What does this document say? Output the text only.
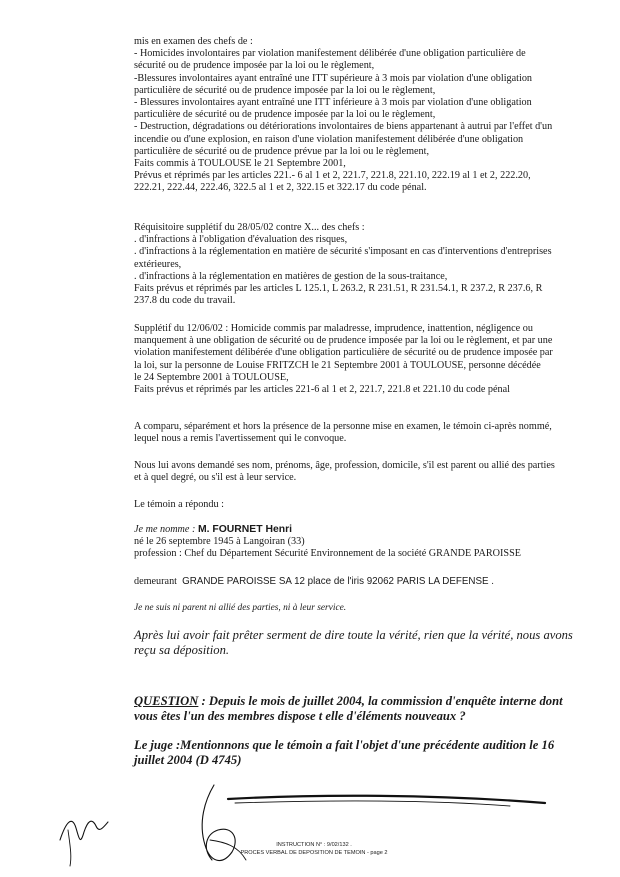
mis en examen des chefs de :
- Homicides involontaires par violation manifestement délibérée d'une obligation particulière de
sécurité ou de prudence imposée par la loi ou le règlement,
-Blessures involontaires ayant entraîné une ITT supérieure à 3 mois par violation d'une obligation
particulière de sécurité ou de prudence imposée par la loi ou le règlement,
- Blessures involontaires ayant entraîné une ITT inférieure à 3 mois par violation d'une obligation
particulière de sécurité ou de prudence imposée par la loi ou le règlement,
- Destruction, dégradations ou détériorations involontaires de biens appartenant à autrui par l'effet d'un
incendie ou d'une explosion, en raison d'une violation manifestement délibérée d'une obligation
particulière de sécurité ou de prudence prévue par la loi ou le règlement,
Faits commis à TOULOUSE le 21 Septembre 2001,
Prévus et réprimés par les articles 221.- 6 al 1 et 2, 221.7, 221.8, 221.10, 222.19 al 1 et 2, 222.20,
222.21, 222.44, 222.46, 322.5 al 1 et 2, 322.15 et 322.17 du code pénal.
Réquisitoire supplétif du 28/05/02 contre X... des chefs :
. d'infractions à l'obligation d'évaluation des risques,
. d'infractions à la réglementation en matière de sécurité s'imposant en cas d'interventions d'entreprises
extérieures,
. d'infractions à la réglementation en matières de gestion de la sous-traitance,
Faits prévus et réprimés par les articles L 125.1, L 263.2, R 231.51, R 231.54.1, R 237.2, R 237.6, R
237.8 du code du travail.
Supplétif du 12/06/02 : Homicide commis par maladresse, imprudence, inattention, négligence ou
manquement à une obligation de sécurité ou de prudence imposée par la loi ou le règlement, et par une
violation manifestement délibérée d'une obligation particulière de sécurité ou de prudence imposée par
la loi, sur la personne de Louise FRITZCH le 21 Septembre 2001 à TOULOUSE, personne décédée
le 24 Septembre 2001 à TOULOUSE,
Faits prévus et réprimés par les articles 221-6 al 1 et 2, 221.7, 221.8 et 221.10 du code pénal
A comparu, séparément et hors la présence de la personne mise en examen, le témoin ci-après nommé,
lequel nous a remis l'avertissement qui le convoque.
Nous lui avons demandé ses nom, prénoms, âge, profession, domicile, s'il est parent ou allié des parties
et à quel degré, ou s'il est à leur service.
Le témoin a répondu :
Je me nomme : M. FOURNET Henri
né le 26 septembre 1945 à Langoiran (33)
profession : Chef du Département Sécurité Environnement de la société GRANDE PAROISSE
demeurant GRANDE PAROISSE SA 12 place de l'iris 92062 PARIS LA DEFENSE .
Je ne suis ni parent ni allié des parties, ni à leur service.
Après lui avoir fait prêter serment de dire toute la vérité, rien que la vérité, nous avons
reçu sa déposition.
QUESTION : Depuis le mois de juillet 2004, la commission d'enquête interne dont
vous êtes l'un des membres dispose t elle d'éléments nouveaux ?
Le juge :Mentionnons que le témoin a fait l'objet d'une précédente audition le 16
juillet 2004 (D 4745)
INSTRUCTION N° : 9/02/132 .
PROCES VERBAL DE DEPOSITION DE TEMOIN - page 2
